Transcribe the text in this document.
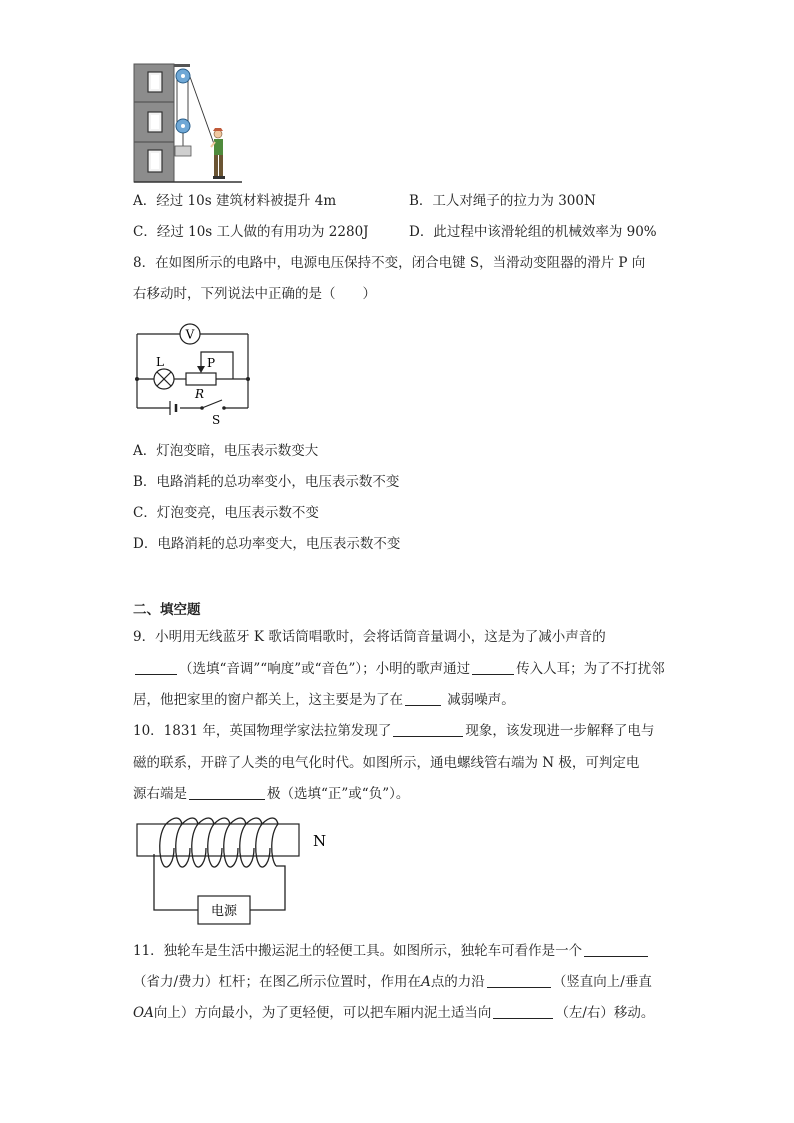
A．经过 10s 建筑材料被提升 4m	B．工人对绳子的拉力为 300N
C．经过 10s 工人做的有用功为 2280J	D．此过程中该滑轮组的机械效率为 90%
8．在如图所示的电路中，电源电压保持不变，闭合电键 S，当滑动变阻器的滑片 P 向
右移动时，下列说法中正确的是（　　）
V
L	P
R
S
A．灯泡变暗，电压表示数变大
B．电路消耗的总功率变小，电压表示数不变
C．灯泡变亮，电压表示数不变
D．电路消耗的总功率变大，电压表示数不变
二、填空题
9．小明用无线蓝牙 K 歌话筒唱歌时，会将话筒音量调小，这是为了减小声音的
（选填“音调”“响度”或“音色”）；小明的歌声通过	传入人耳；为了不打扰邻
居，他把家里的窗户都关上，这主要是为了在	减弱噪声。
10．1831 年，英国物理学家法拉第发现了	现象，该发现进一步解释了电与
磁的联系，开辟了人类的电气化时代。如图所示，通电螺线管右端为 N 极，可判定电
源右端是	极（选填“正”或“负”）。
电源
N
11．独轮车是生活中搬运泥土的轻便工具。如图所示，独轮车可看作是一个
（省力/费力）杠杆；在图乙所示位置时，作用在A点的力沿	（竖直向上/垂直
OA向上）方向最小，为了更轻便，可以把车厢内泥土适当向	（左/右）移动。
